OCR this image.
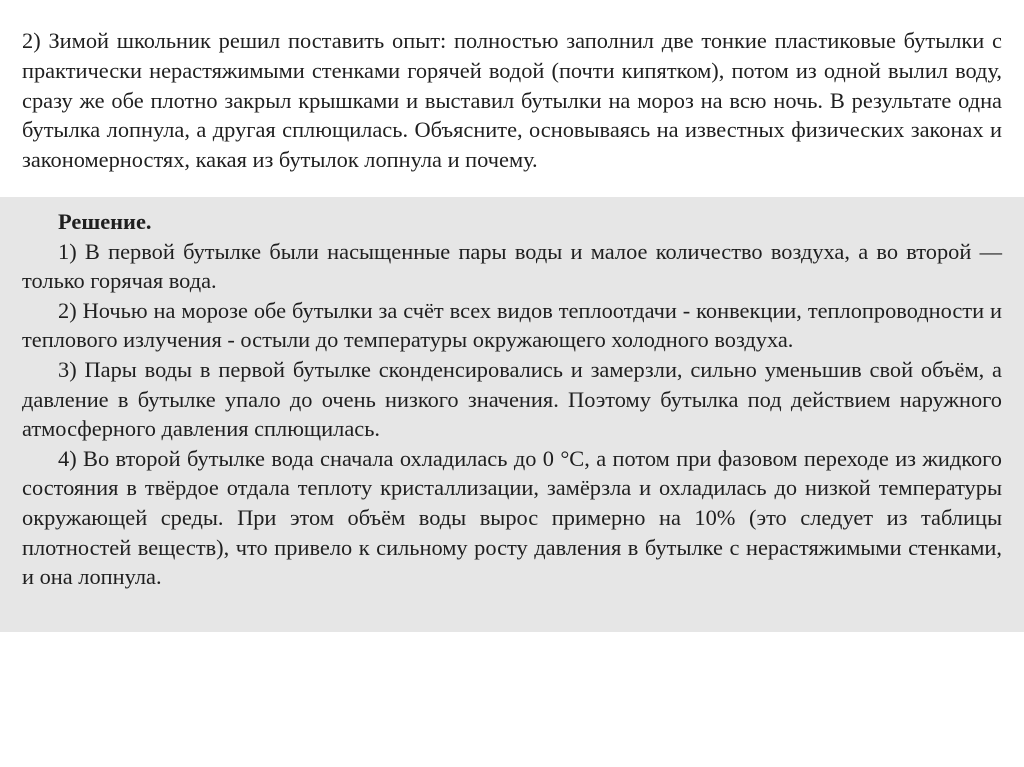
2) Зимой школьник решил поставить опыт: полностью заполнил две тонкие пластиковые бутылки с практически нерастяжимыми стенками горячей водой (почти кипятком), потом из одной вылил воду, сразу же обе плотно закрыл крышками и выставил бутылки на мороз на всю ночь. В результате одна бутылка лопнула, а другая сплющилась. Объясните, основываясь на известных физических законах и закономерностях, какая из бутылок лопнула и почему.

Решение.

1) В первой бутылке были насыщенные пары воды и малое количество воздуха, а во второй — только горячая вода.

2) Ночью на морозе обе бутылки за счёт всех видов теплоотдачи - конвекции, теплопроводности и теплового излучения - остыли до температуры окружающего холодного воздуха.

3) Пары воды в первой бутылке сконденсировались и замерзли, сильно уменьшив свой объём, а давление в бутылке упало до очень низкого значения. Поэтому бутылка под действием наружного атмосферного давления сплющилась.

4) Во второй бутылке вода сначала охладилась до 0 °С, а потом при фазовом переходе из жидкого состояния в твёрдое отдала теплоту кристаллизации, замёрзла и охладилась до низкой температуры окружающей среды. При этом объём воды вырос примерно на 10% (это следует из таблицы плотностей веществ), что привело к сильному росту давления в бутылке с нерастяжимыми стенками, и она лопнула.
